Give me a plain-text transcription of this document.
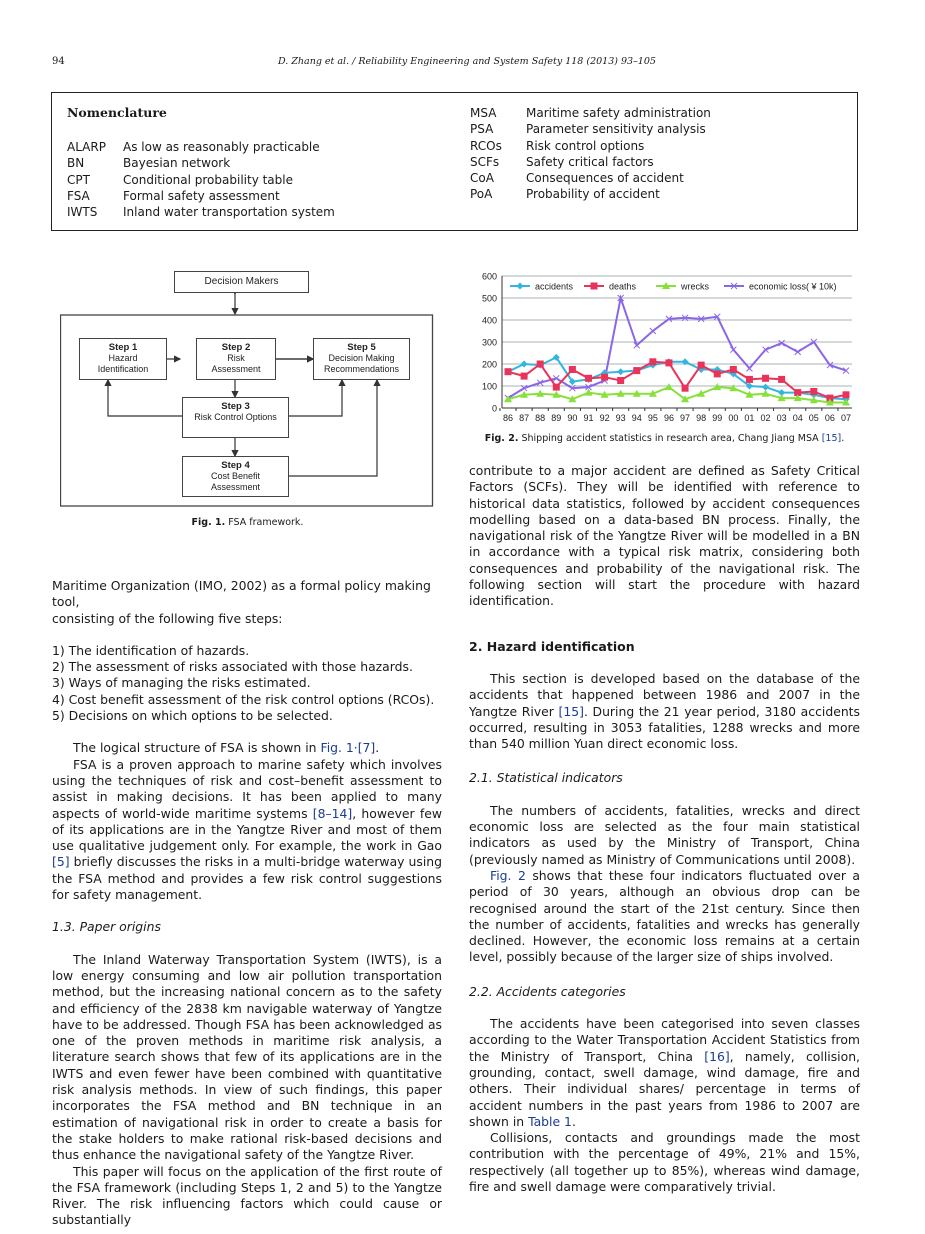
94	D. Zhang et al. / Reliability Engineering and System Safety 118 (2013) 93–105
Nomenclature
ALARP As low as reasonably practicable
BN	Bayesian network
CPT	Conditional probability table
FSA	Formal safety assessment
IWTS Inland water transportation system
MSA Maritime safety administration
PSA	Parameter sensitivity analysis
RCOs Risk control options
SCFs Safety critical factors
CoA	Consequences of accident
PoA	Probability of accident
Decision Makers
Step 1
Hazard
Identification
Step 2
Risk
Assessment
Step 5
Decision Making
Recommendations
Step 3
Risk Control Options
Step 4
Cost Benefit
Assessment
Fig. 1. FSA framework.
0
100
200
300
400
500
600
86 87 88 89 90 91 92 93 94 95 96 97 98 99 00 01 02 03 04 05 06 07
accidents	deaths	wrecks	economic loss( ¥ 10k)
Fig. 2. Shipping accident statistics in research area, Chang Jiang MSA [15].

Maritime Organization (IMO, 2002) as a formal policy making tool,

consisting of the following five steps:

1) The identification of hazards.
2) The assessment of risks associated with those hazards.
3) Ways of managing the risks estimated.
4) Cost benefit assessment of the risk control options (RCOs).
5) Decisions on which options to be selected.

The logical structure of FSA is shown in Fig. 1·[7].

FSA is a proven approach to marine safety which involves using the techniques of risk and cost–benefit assessment to assist in making decisions. It has been applied to many aspects of world-wide maritime systems [8–14], however few of its applications are in the Yangtze River and most of them use qualitative judgement only. For example, the work in Gao [5] briefly discusses the risks in a multi-bridge waterway using the FSA method and provides a few risk control suggestions for safety management.

1.3. Paper origins

The Inland Waterway Transportation System (IWTS), is a low energy consuming and low air pollution transportation method, but the increasing national concern as to the safety and efficiency of the 2838 km navigable waterway of Yangtze have to be addressed. Though FSA has been acknowledged as one of the proven methods in maritime risk analysis, a literature search shows that few of its applications are in the IWTS and even fewer have been combined with quantitative risk analysis methods. In view of such findings, this paper incorporates the FSA method and BN technique in an estimation of navigational risk in order to create a basis for the stake holders to make rational risk-based decisions and thus enhance the navigational safety of the Yangtze River.

This paper will focus on the application of the first route of the FSA framework (including Steps 1, 2 and 5) to the Yangtze River. The risk influencing factors which could cause or substantially

contribute to a major accident are defined as Safety Critical Factors (SCFs). They will be identified with reference to historical data statistics, followed by accident consequences modelling based on a data-based BN process. Finally, the navigational risk of the Yangtze River will be modelled in a BN in accordance with a typical risk matrix, considering both consequences and probability of the navigational risk. The following section will start the procedure with hazard identification.

2. Hazard identification

This section is developed based on the database of the accidents that happened between 1986 and 2007 in the Yangtze River [15]. During the 21 year period, 3180 accidents occurred, resulting in 3053 fatalities, 1288 wrecks and more than 540 million Yuan direct economic loss.

2.1. Statistical indicators

The numbers of accidents, fatalities, wrecks and direct economic loss are selected as the four main statistical indicators as used by the Ministry of Transport, China (previously named as Ministry of Communications until 2008).

Fig. 2 shows that these four indicators fluctuated over a period of 30 years, although an obvious drop can be recognised around the start of the 21st century. Since then the number of accidents, fatalities and wrecks has generally declined. However, the economic loss remains at a certain level, possibly because of the larger size of ships involved.

2.2. Accidents categories

The accidents have been categorised into seven classes according to the Water Transportation Accident Statistics from the Ministry of Transport, China [16], namely, collision, grounding, contact, swell damage, wind damage, fire and others. Their individual shares/ percentage in terms of accident numbers in the past years from 1986 to 2007 are shown in Table 1.

Collisions, contacts and groundings made the most contribution with the percentage of 49%, 21% and 15%, respectively (all together up to 85%), whereas wind damage, fire and swell damage were comparatively trivial.
